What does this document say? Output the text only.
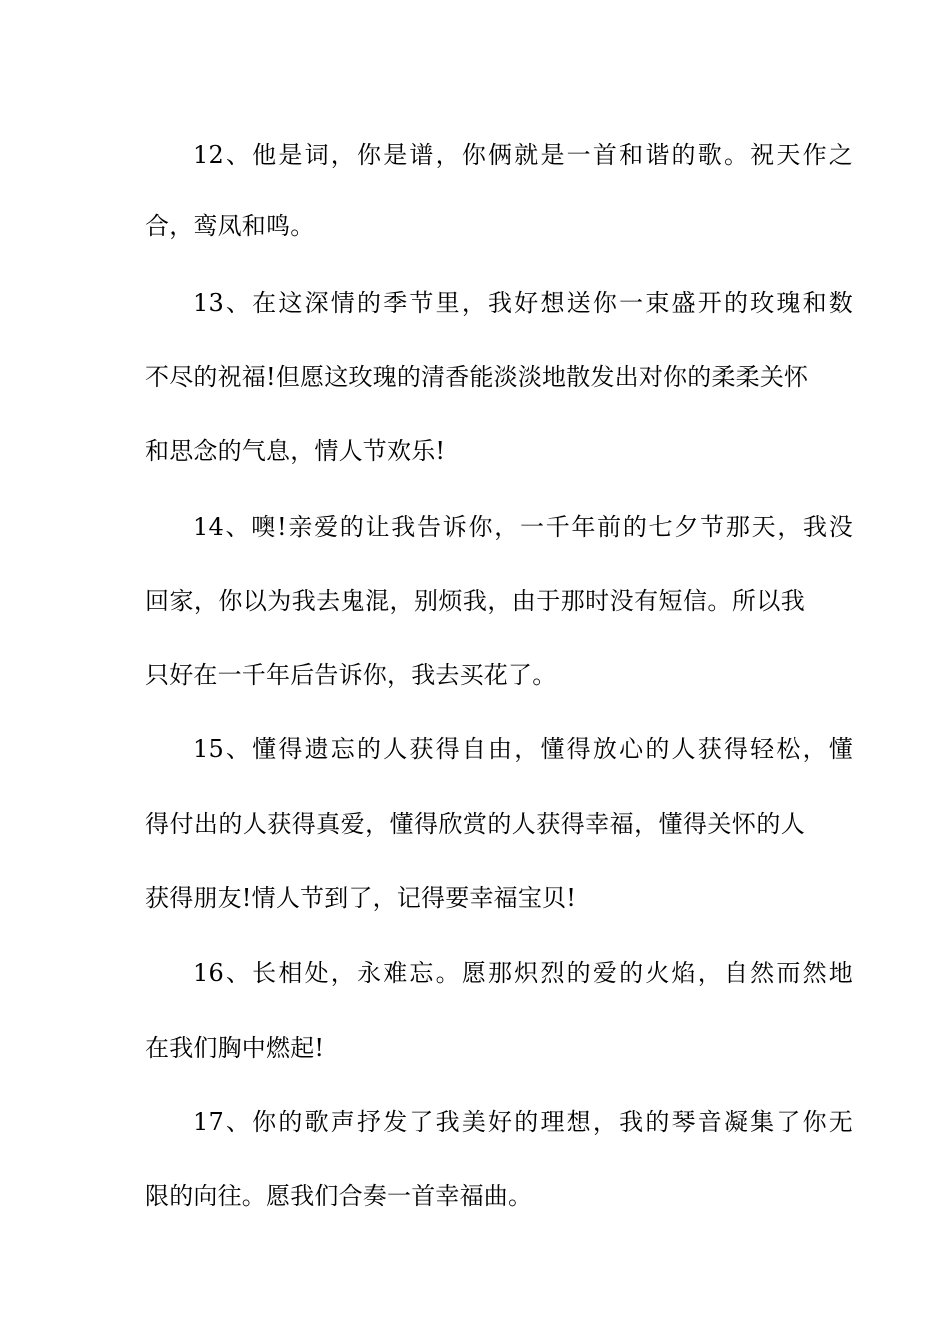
12、他是词，你是谱，你俩就是一首和谐的歌。祝天作之
合，鸾凤和鸣。
13、在这深情的季节里，我好想送你一束盛开的玫瑰和数
不尽的祝福!但愿这玫瑰的清香能淡淡地散发出对你的柔柔关怀
和思念的气息，情人节欢乐!
14、噢!亲爱的让我告诉你，一千年前的七夕节那天，我没
回家，你以为我去鬼混，别烦我，由于那时没有短信。所以我
只好在一千年后告诉你，我去买花了。
15、懂得遗忘的人获得自由，懂得放心的人获得轻松，懂
得付出的人获得真爱，懂得欣赏的人获得幸福，懂得关怀的人
获得朋友!情人节到了，记得要幸福宝贝!
16、长相处，永难忘。愿那炽烈的爱的火焰，自然而然地
在我们胸中燃起!
17、你的歌声抒发了我美好的理想，我的琴音凝集了你无
限的向往。愿我们合奏一首幸福曲。
